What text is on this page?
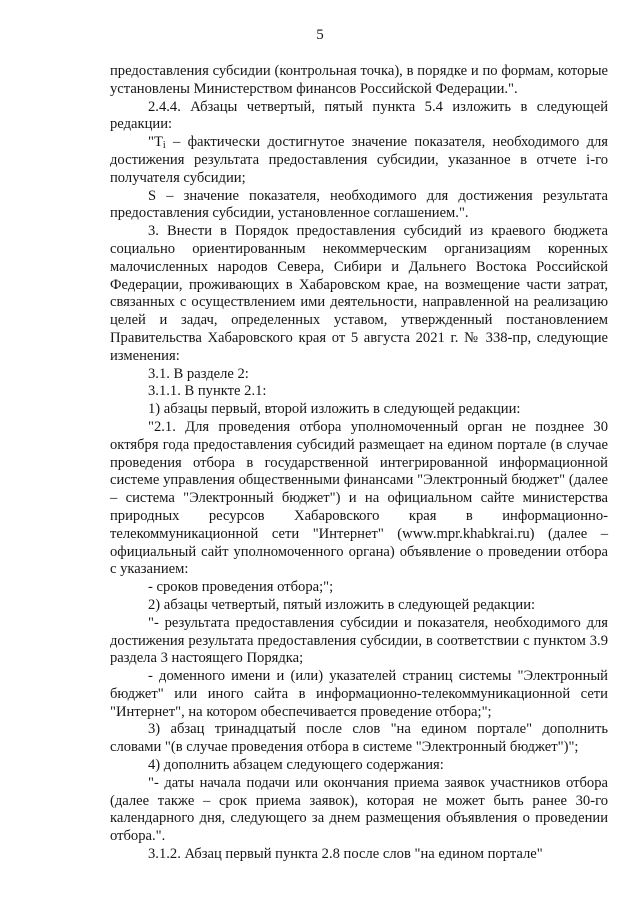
5

предоставления субсидии (контрольная точка), в порядке и по формам, которые установлены Министерством финансов Российской Федерации.".

2.4.4. Абзацы четвертый, пятый пункта 5.4 изложить в следующей редакции:

"$T_i$ – фактически достигнутое значение показателя, необходимого для достижения результата предоставления субсидии, указанное в отчете i-го получателя субсидии;

S – значение показателя, необходимого для достижения результата предоставления субсидии, установленное соглашением.".

3. Внести в Порядок предоставления субсидий из краевого бюджета социально ориентированным некоммерческим организациям коренных малочисленных народов Севера, Сибири и Дальнего Востока Российской Федерации, проживающих в Хабаровском крае, на возмещение части затрат, связанных с осуществлением ими деятельности, направленной на реализацию целей и задач, определенных уставом, утвержденный постановлением Правительства Хабаровского края от 5 августа 2021 г. № 338-пр, следующие изменения:

3.1. В разделе 2:

3.1.1. В пункте 2.1:

1) абзацы первый, второй изложить в следующей редакции:

"2.1. Для проведения отбора уполномоченный орган не позднее 30 октября года предоставления субсидий размещает на едином портале (в случае проведения отбора в государственной интегрированной информационной системе управления общественными финансами "Электронный бюджет" (далее – система "Электронный бюджет") и на официальном сайте министерства природных ресурсов Хабаровского края в информационно-телекоммуникационной сети "Интернет" (www.mpr.khabkrai.ru) (далее – официальный сайт уполномоченного органа) объявление о проведении отбора с указанием:

- сроков проведения отбора;";

2) абзацы четвертый, пятый изложить в следующей редакции:

"- результата предоставления субсидии и показателя, необходимого для достижения результата предоставления субсидии, в соответствии с пунктом 3.9 раздела 3 настоящего Порядка;

- доменного имени и (или) указателей страниц системы "Электронный бюджет" или иного сайта в информационно-телекоммуникационной сети "Интернет", на котором обеспечивается проведение отбора;";

3) абзац тринадцатый после слов "на едином портале" дополнить словами "(в случае проведения отбора в системе "Электронный бюджет")";

4) дополнить абзацем следующего содержания:

"- даты начала подачи или окончания приема заявок участников отбора (далее также – срок приема заявок), которая не может быть ранее 30-го календарного дня, следующего за днем размещения объявления о проведении отбора.".

3.1.2. Абзац первый пункта 2.8 после слов "на едином портале"
